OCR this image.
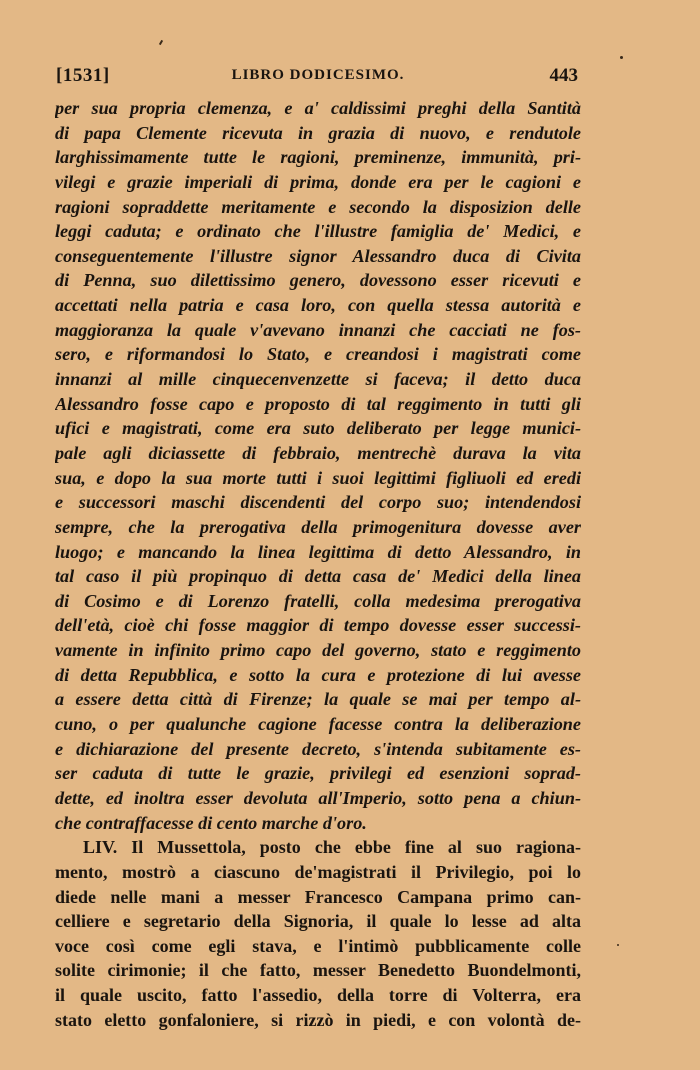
[1531]	LIBRO DODICESIMO.	443
per sua propria clemenza, e a' caldissimi preghi della Santità
di papa Clemente ricevuta in grazia di nuovo, e rendutole
larghissimamente tutte le ragioni, preminenze, immunità, pri-
vilegi e grazie imperiali di prima, donde era per le cagioni e
ragioni sopraddette meritamente e secondo la disposizion delle
leggi caduta; e ordinato che l'illustre famiglia de' Medici, e
conseguentemente l'illustre signor Alessandro duca di Civita
di Penna, suo dilettissimo genero, dovessono esser ricevuti e
accettati nella patria e casa loro, con quella stessa autorità e
maggioranza la quale v'avevano innanzi che cacciati ne fos-
sero, e riformandosi lo Stato, e creandosi i magistrati come
innanzi al mille cinquecenvenzette si faceva; il detto duca
Alessandro fosse capo e proposto di tal reggimento in tutti gli
ufici e magistrati, come era suto deliberato per legge munici-
pale agli diciassette di febbraio, mentrechè durava la vita
sua, e dopo la sua morte tutti i suoi legittimi figliuoli ed eredi
e successori maschi discendenti del corpo suo; intendendosi
sempre, che la prerogativa della primogenitura dovesse aver
luogo; e mancando la linea legittima di detto Alessandro, in
tal caso il più propinquo di detta casa de' Medici della linea
di Cosimo e di Lorenzo fratelli, colla medesima prerogativa
dell'età, cioè chi fosse maggior di tempo dovesse esser successi-
vamente in infinito primo capo del governo, stato e reggimento
di detta Repubblica, e sotto la cura e protezione di lui avesse
a essere detta città di Firenze; la quale se mai per tempo al-
cuno, o per qualunche cagione facesse contra la deliberazione
e dichiarazione del presente decreto, s'intenda subitamente es-
ser caduta di tutte le grazie, privilegi ed esenzioni soprad-
dette, ed inoltra esser devoluta all'Imperio, sotto pena a chiun-
che contraffacesse di cento marche d'oro.
LIV. Il Mussettola, posto che ebbe fine al suo ragiona-
mento, mostrò a ciascuno de'magistrati il Privilegio, poi lo
diede nelle mani a messer Francesco Campana primo can-
celliere e segretario della Signoria, il quale lo lesse ad alta
voce così come egli stava, e l'intimò pubblicamente colle
solite cirimonie; il che fatto, messer Benedetto Buondelmonti,
il quale uscito, fatto l'assedio, della torre di Volterra, era
stato eletto gonfaloniere, si rizzò in piedi, e con volontà de-
